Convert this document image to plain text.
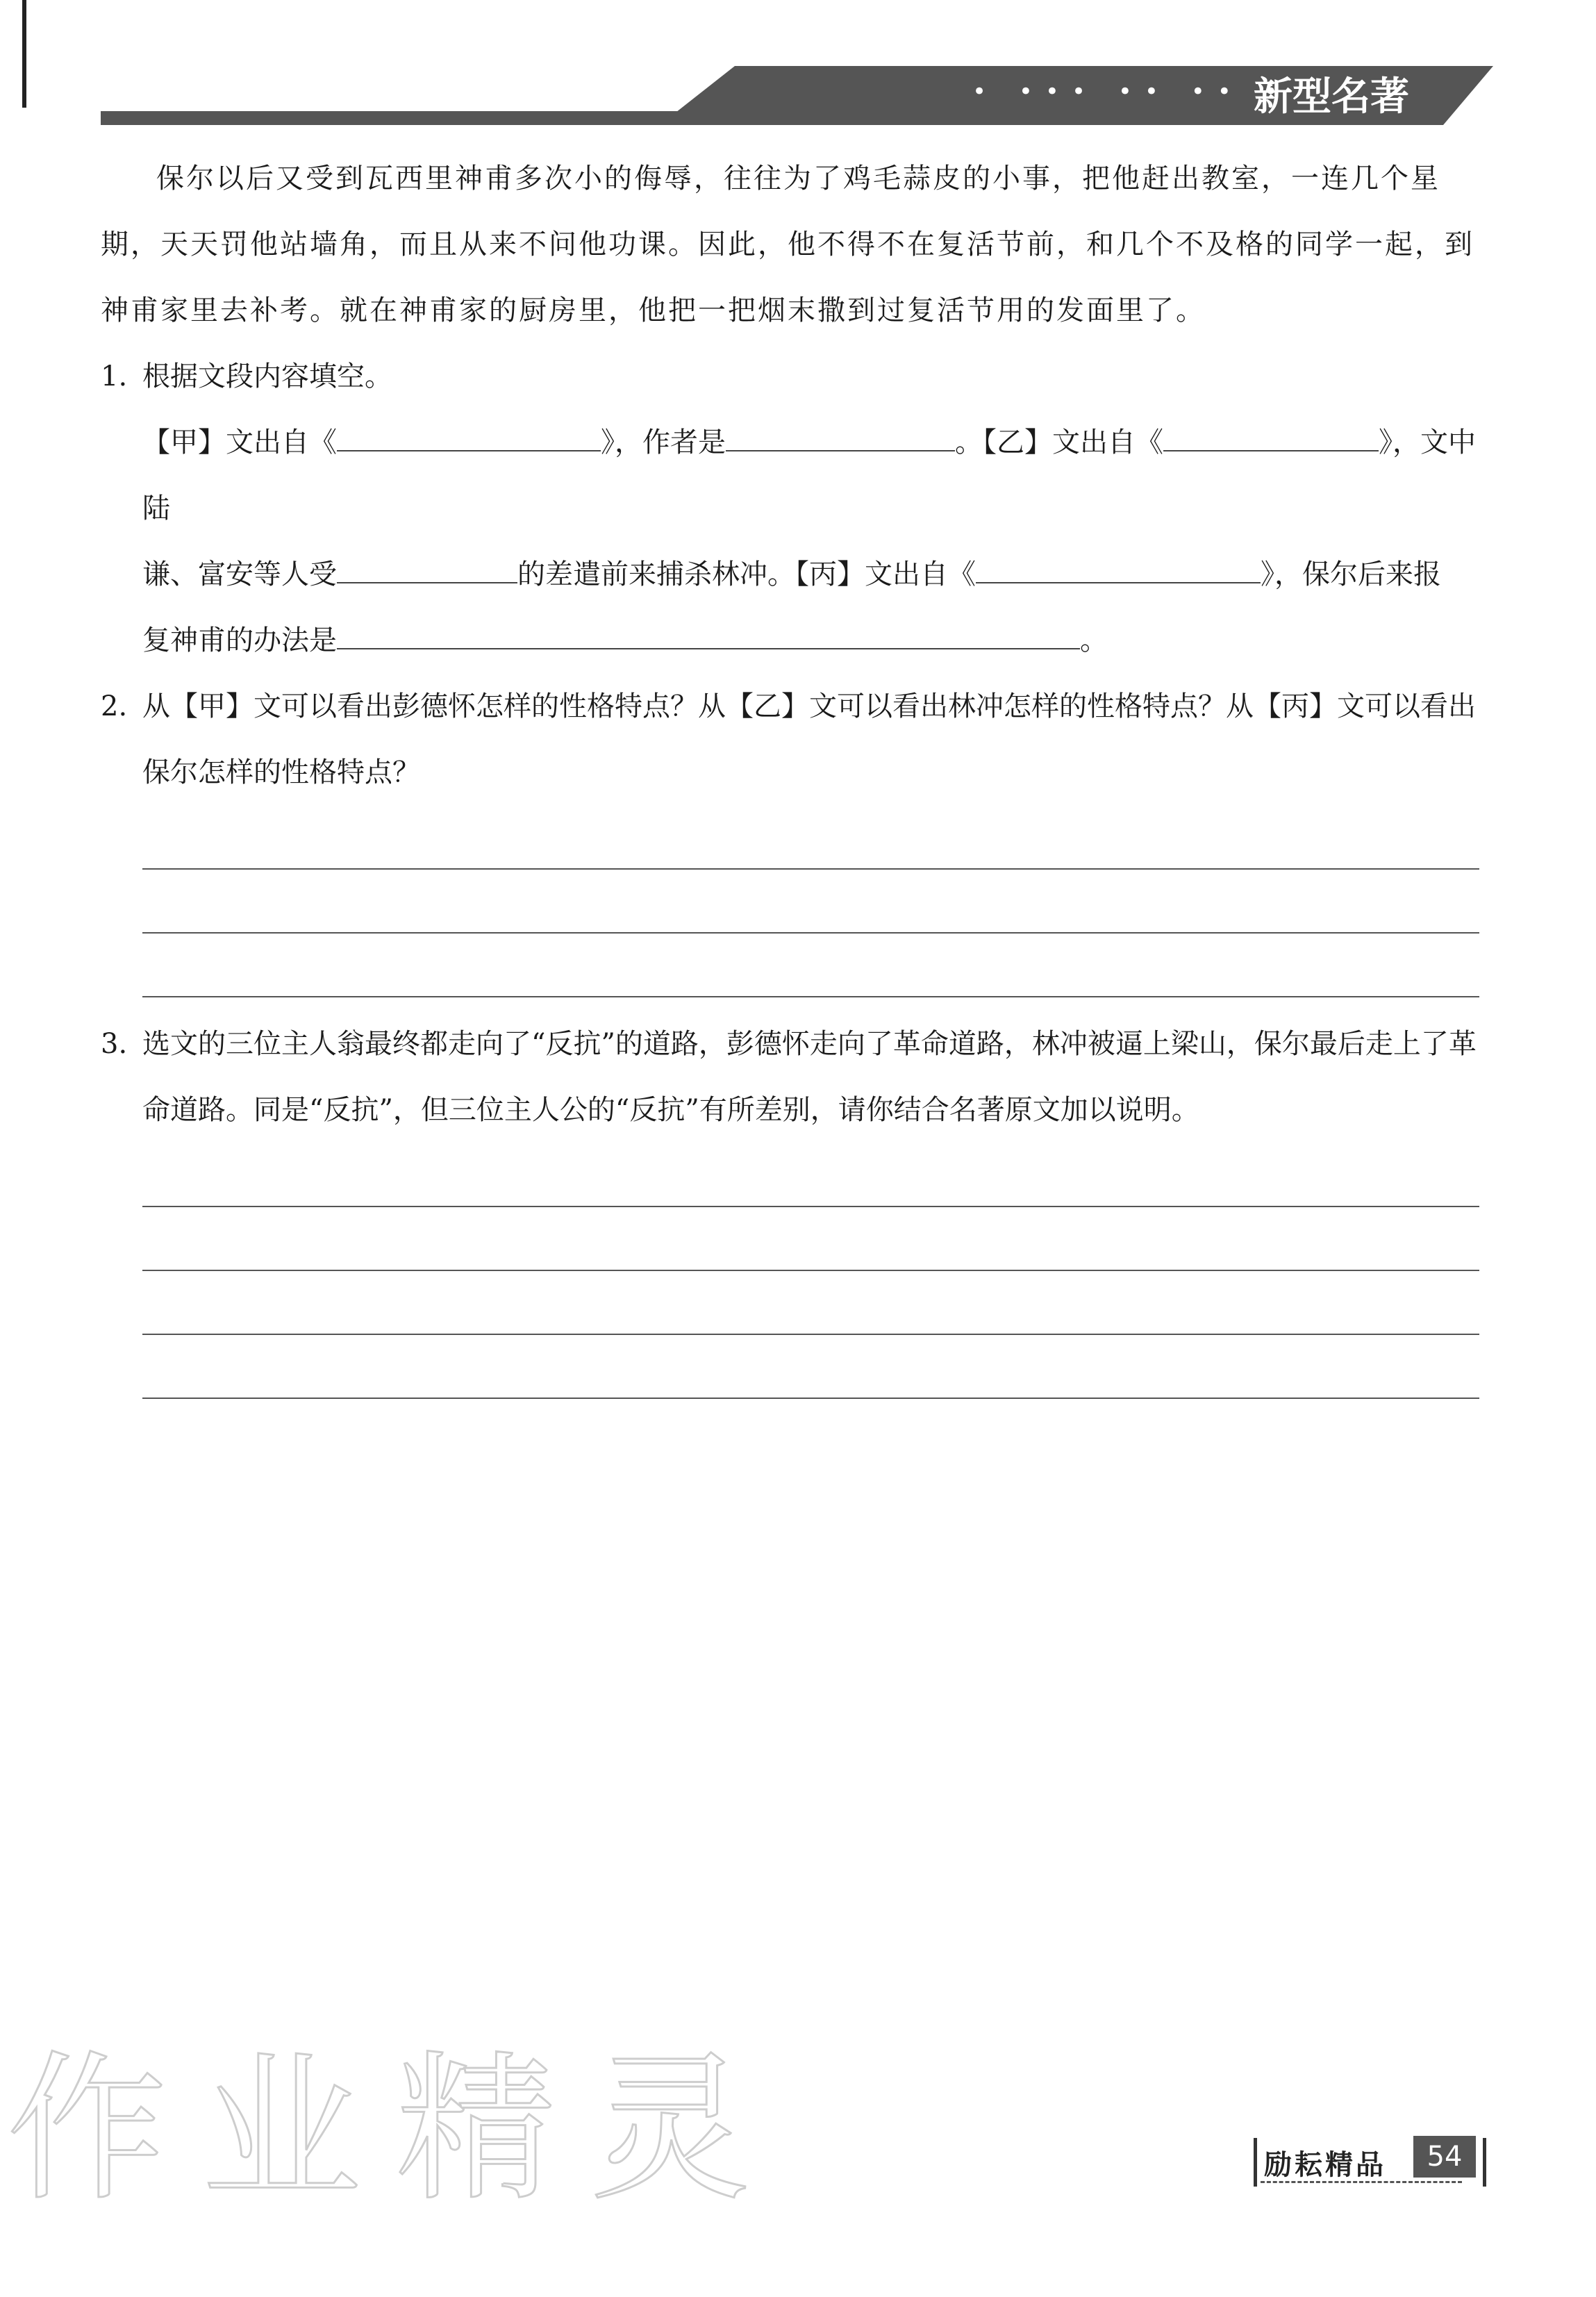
• ••• •• •• •
新型名著

保尔以后又受到瓦西里神甫多次小的侮辱，往往为了鸡毛蒜皮的小事，把他赶出教室，一连几个星期，天天罚他站墙角，而且从来不问他功课。因此，他不得不在复活节前，和几个不及格的同学一起，到神甫家里去补考。就在神甫家的厨房里，他把一把烟末撒到过复活节用的发面里了。

1. 根据文段内容填空。

【甲】文出自《	》，作者是	。【乙】文出自《	》，文中陆
谦、富安等人受	的差遣前来捕杀林冲。【丙】文出自《	》，保尔后来报
复神甫的办法是	。

2. 从【甲】文可以看出彭德怀怎样的性格特点？从【乙】文可以看出林冲怎样的性格特点？从【丙】文可以看出保尔怎样的性格特点？

3. 选文的三位主人翁最终都走向了“反抗”的道路，彭德怀走向了革命道路，林冲被逼上梁山，保尔最后走上了革命道路。同是“反抗”，但三位主人公的“反抗”有所差别，请你结合名著原文加以说明。

作业精灵	励耘精品	54
